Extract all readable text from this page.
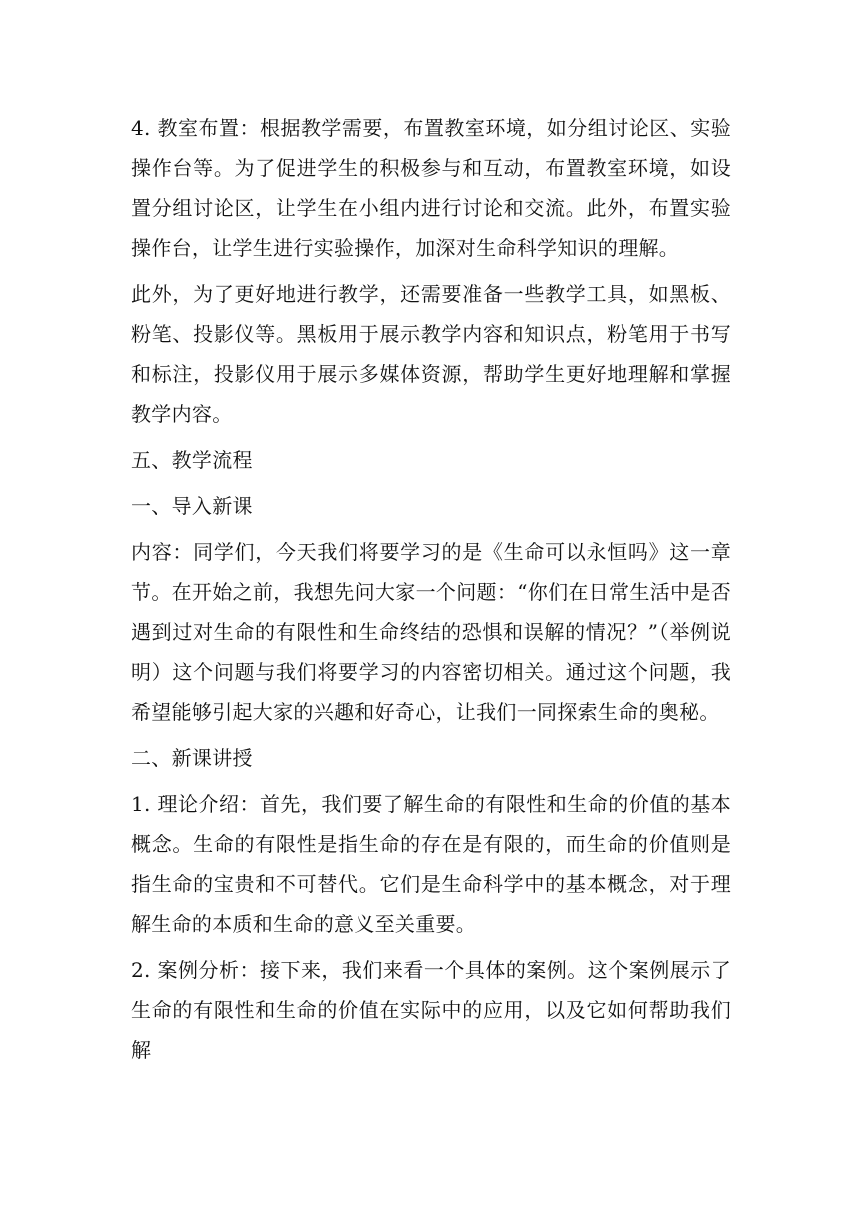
4. 教室布置：根据教学需要，布置教室环境，如分组讨论区、实验操作台等。为了促进学生的积极参与和互动，布置教室环境，如设置分组讨论区，让学生在小组内进行讨论和交流。此外，布置实验操作台，让学生进行实验操作，加深对生命科学知识的理解。

此外，为了更好地进行教学，还需要准备一些教学工具，如黑板、粉笔、投影仪等。黑板用于展示教学内容和知识点，粉笔用于书写和标注，投影仪用于展示多媒体资源，帮助学生更好地理解和掌握教学内容。

五、教学流程

一、导入新课

内容：同学们，今天我们将要学习的是《生命可以永恒吗》这一章节。在开始之前，我想先问大家一个问题：“你们在日常生活中是否遇到过对生命的有限性和生命终结的恐惧和误解的情况？”（举例说明）这个问题与我们将要学习的内容密切相关。通过这个问题，我希望能够引起大家的兴趣和好奇心，让我们一同探索生命的奥秘。

二、新课讲授

1. 理论介绍：首先，我们要了解生命的有限性和生命的价值的基本概念。生命的有限性是指生命的存在是有限的，而生命的价值则是指生命的宝贵和不可替代。它们是生命科学中的基本概念，对于理解生命的本质和生命的意义至关重要。

2. 案例分析：接下来，我们来看一个具体的案例。这个案例展示了生命的有限性和生命的价值在实际中的应用，以及它如何帮助我们解
